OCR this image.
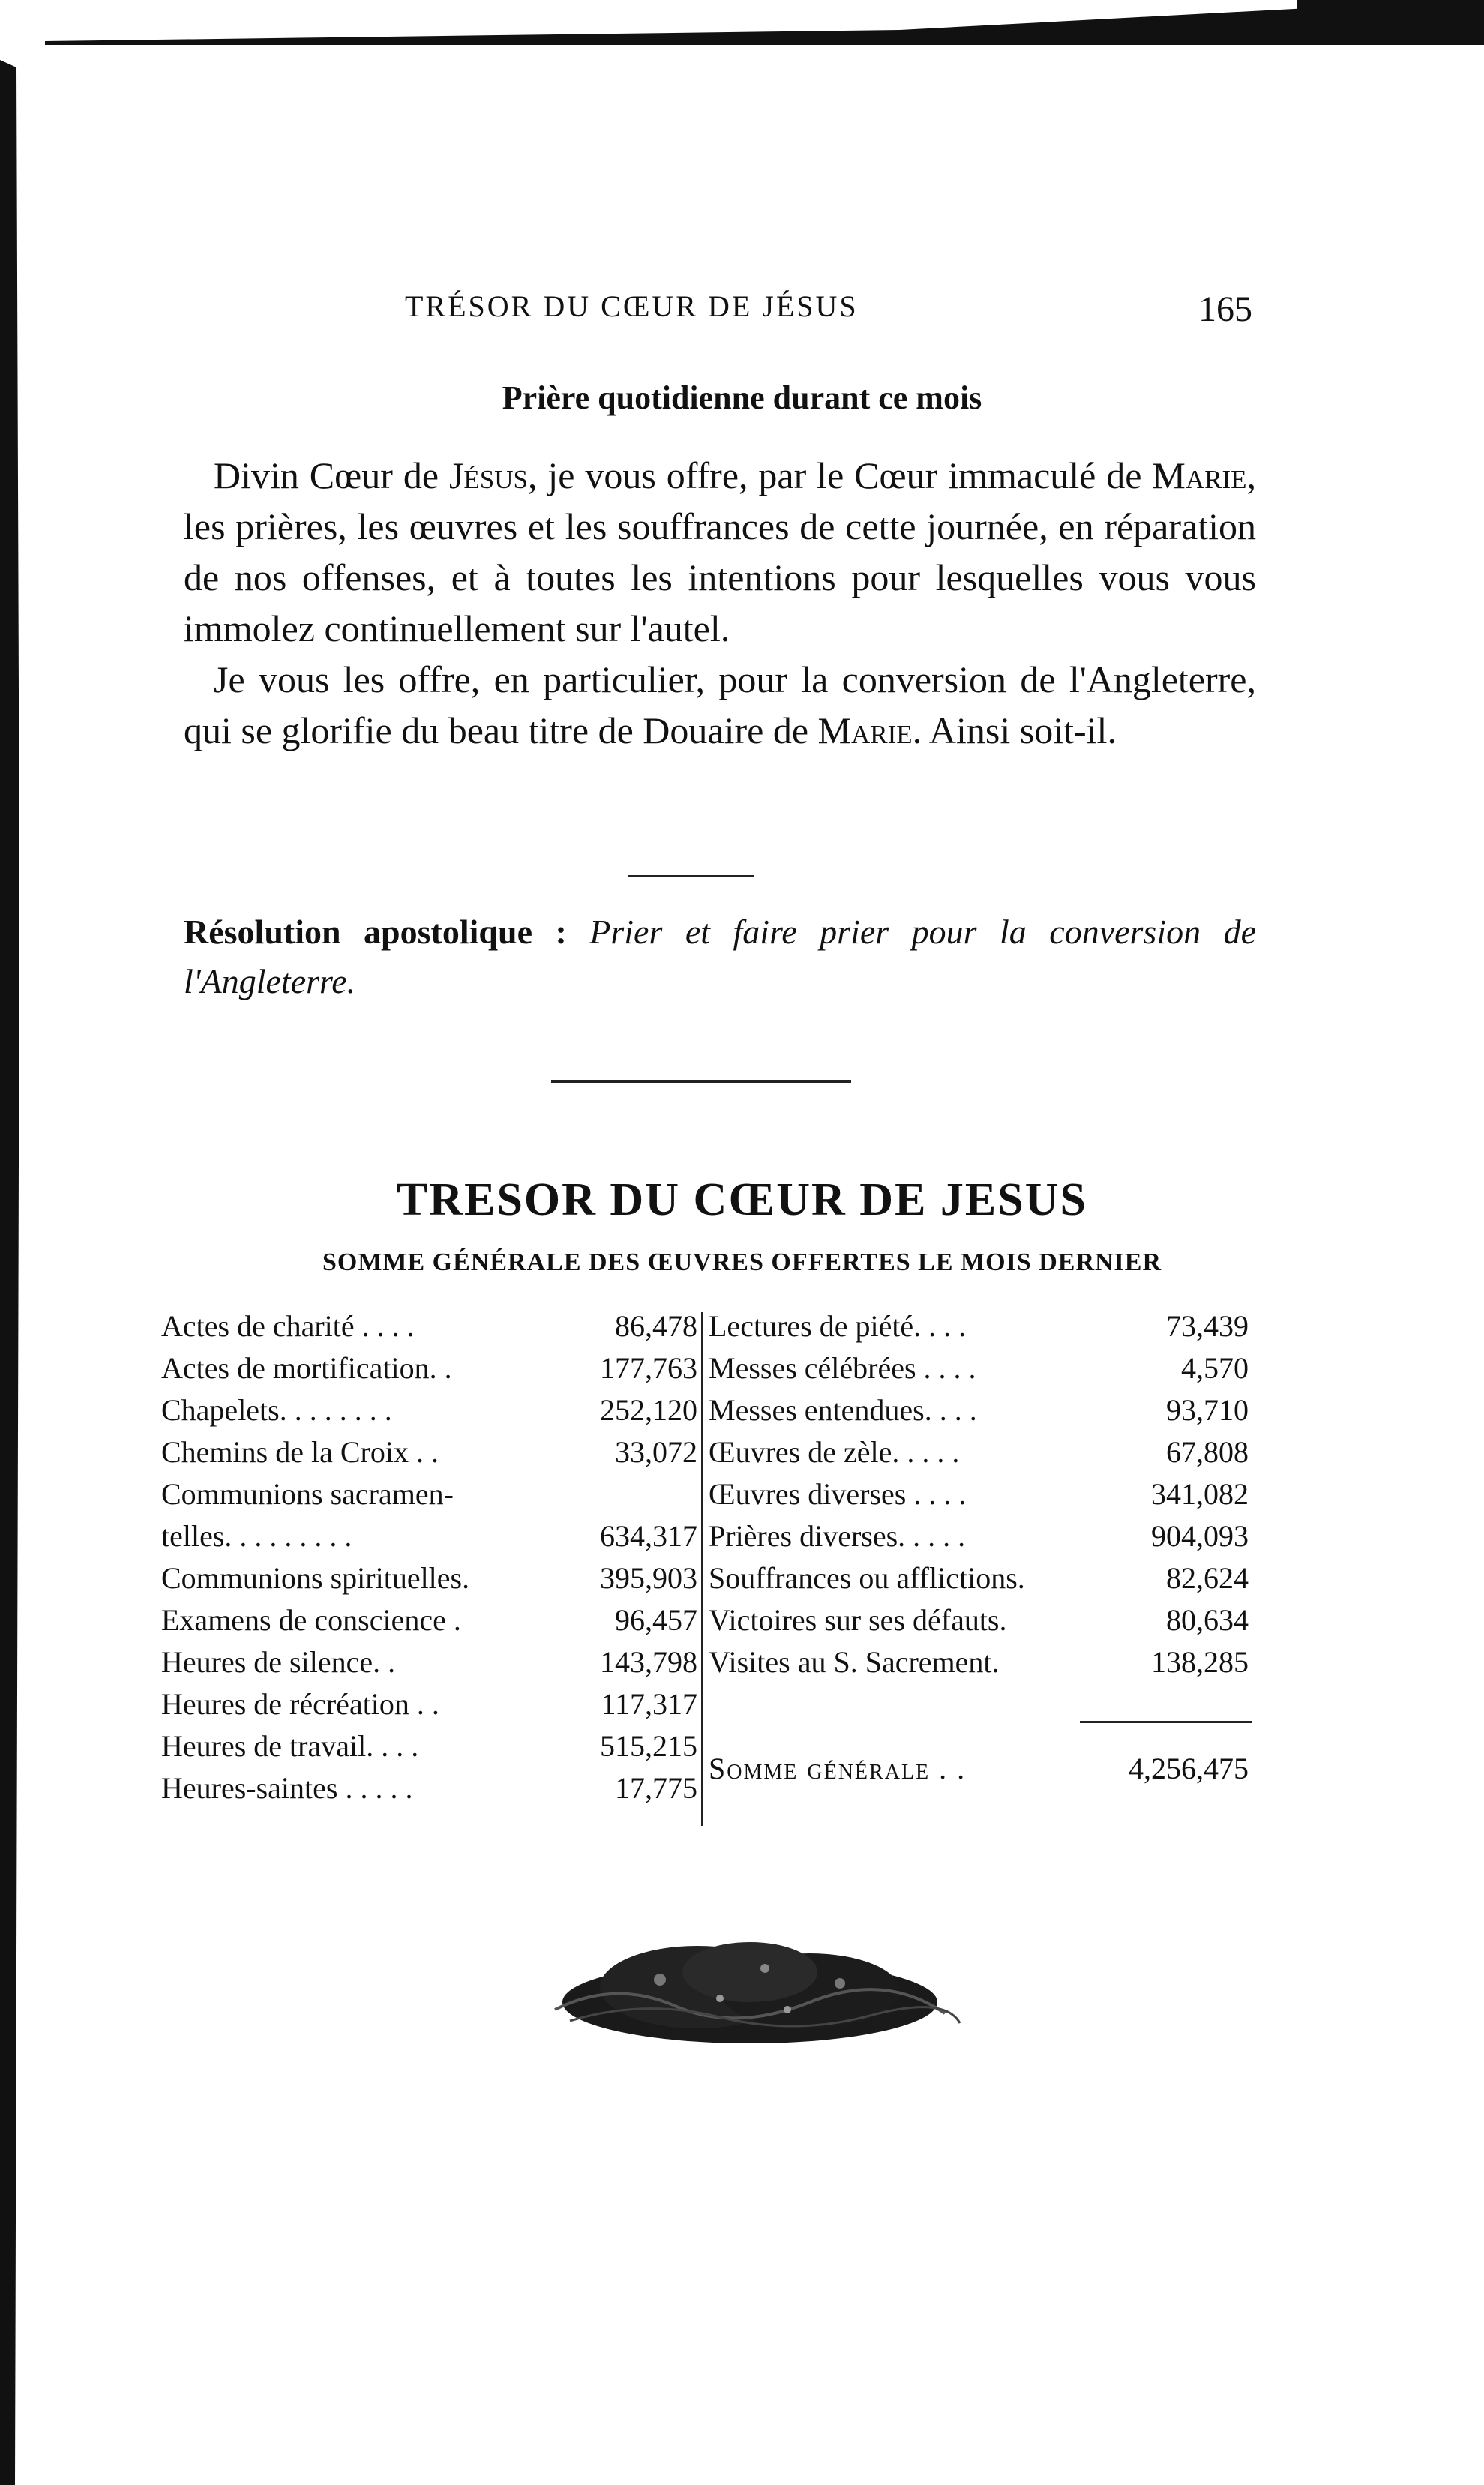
TRÉSOR DU CŒUR DE JÉSUS	165
Prière quotidienne durant ce mois

Divin Cœur de Jésus, je vous offre, par le Cœur immaculé de Marie, les prières, les œuvres et les souffrances de cette journée, en réparation de nos offenses, et à toutes les intentions pour lesquelles vous vous immolez continuellement sur l'autel.

Je vous les offre, en particulier, pour la conversion de l'Angleterre, qui se glorifie du beau titre de Douaire de Marie. Ainsi soit-il.

Résolution apostolique : Prier et faire prier pour la conversion de l'Angleterre.
TRESOR DU CŒUR DE JESUS
SOMME GÉNÉRALE DES ŒUVRES OFFERTES LE MOIS DERNIER
Actes de charité . . . .	86,478
Actes de mortification. .	177,763
Chapelets. . . . . . . .	252,120
Chemins de la Croix . .	33,072
Communions sacramen-
telles. . . . . . . . .	634,317
Communions spirituelles.	395,903
Examens de conscience .	96,457
Heures de silence. .	143,798
Heures de récréation . .	117,317
Heures de travail. . . .	515,215
Heures-saintes . . . . .	17,775
Lectures de piété. . . .	73,439
Messes célébrées . . . .	4,570
Messes entendues. . . .	93,710
Œuvres de zèle. . . . .	67,808
Œuvres diverses . . . .	341,082
Prières diverses. . . . .	904,093
Souffrances ou afflictions.	82,624
Victoires sur ses défauts.	80,634
Visites au S. Sacrement.	138,285
Somme générale . .	4,256,475
